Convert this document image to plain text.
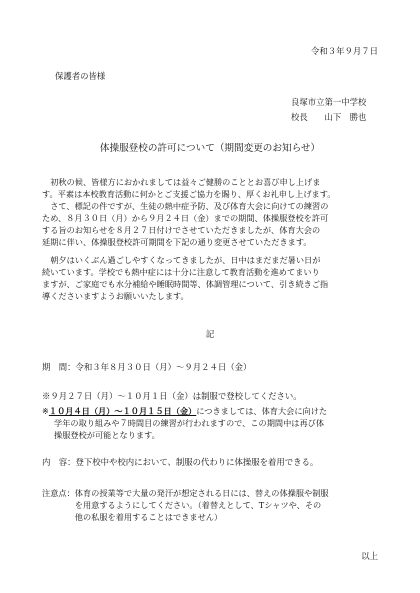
令和３年９月７日
保護者の皆様
良塚市立第一中学校
校長　　山下　勝也
体操服登校の許可について（期間変更のお知らせ）
　初秋の候、皆様方におかれましては益々ご健勝のこととお喜び申し上げま
す。平素は本校教育活動に何かとご支援ご協力を賜り、厚くお礼申し上げます。
　さて、標記の件ですが、生徒の熱中症予防、及び体育大会に向けての練習の
ため、８月３０日（月）から９月２４日（金）までの期間、体操服登校を許可
する旨のお知らせを８月２７日付けでさせていただきましたが、体育大会の
延期に伴い、体操服登校許可期間を下記の通り変更させていただきます。
　朝夕はいくぶん過ごしやすくなってきましたが、日中はまだまだ暑い日が
続いています。学校でも熱中症には十分に注意して教育活動を進めてまいり
ますが、ご家庭でも水分補給や睡眠時間等、体調管理について、引き続きご指
導くださいますようお願いいたします。
記
期　間：令和３年８月３０日（月）～９月２４日（金）
※９月２７日（月）～１０月１日（金）は制服で登校してください。
※１０月４日（月）～１０月１５日（金）につきましては、体育大会に向けた
学年の取り組みや７時間目の練習が行われますので、この期間中は再び体
操服登校が可能となります。
内　容：登下校中や校内において、制服の代わりに体操服を着用できる。
注意点：体育の授業等で大量の発汗が想定される日には、替えの体操服や制服
　　　　を用意するようにしてください。（着替えとして、Tシャツや、その
　　　　他の私服を着用することはできません）
以上
